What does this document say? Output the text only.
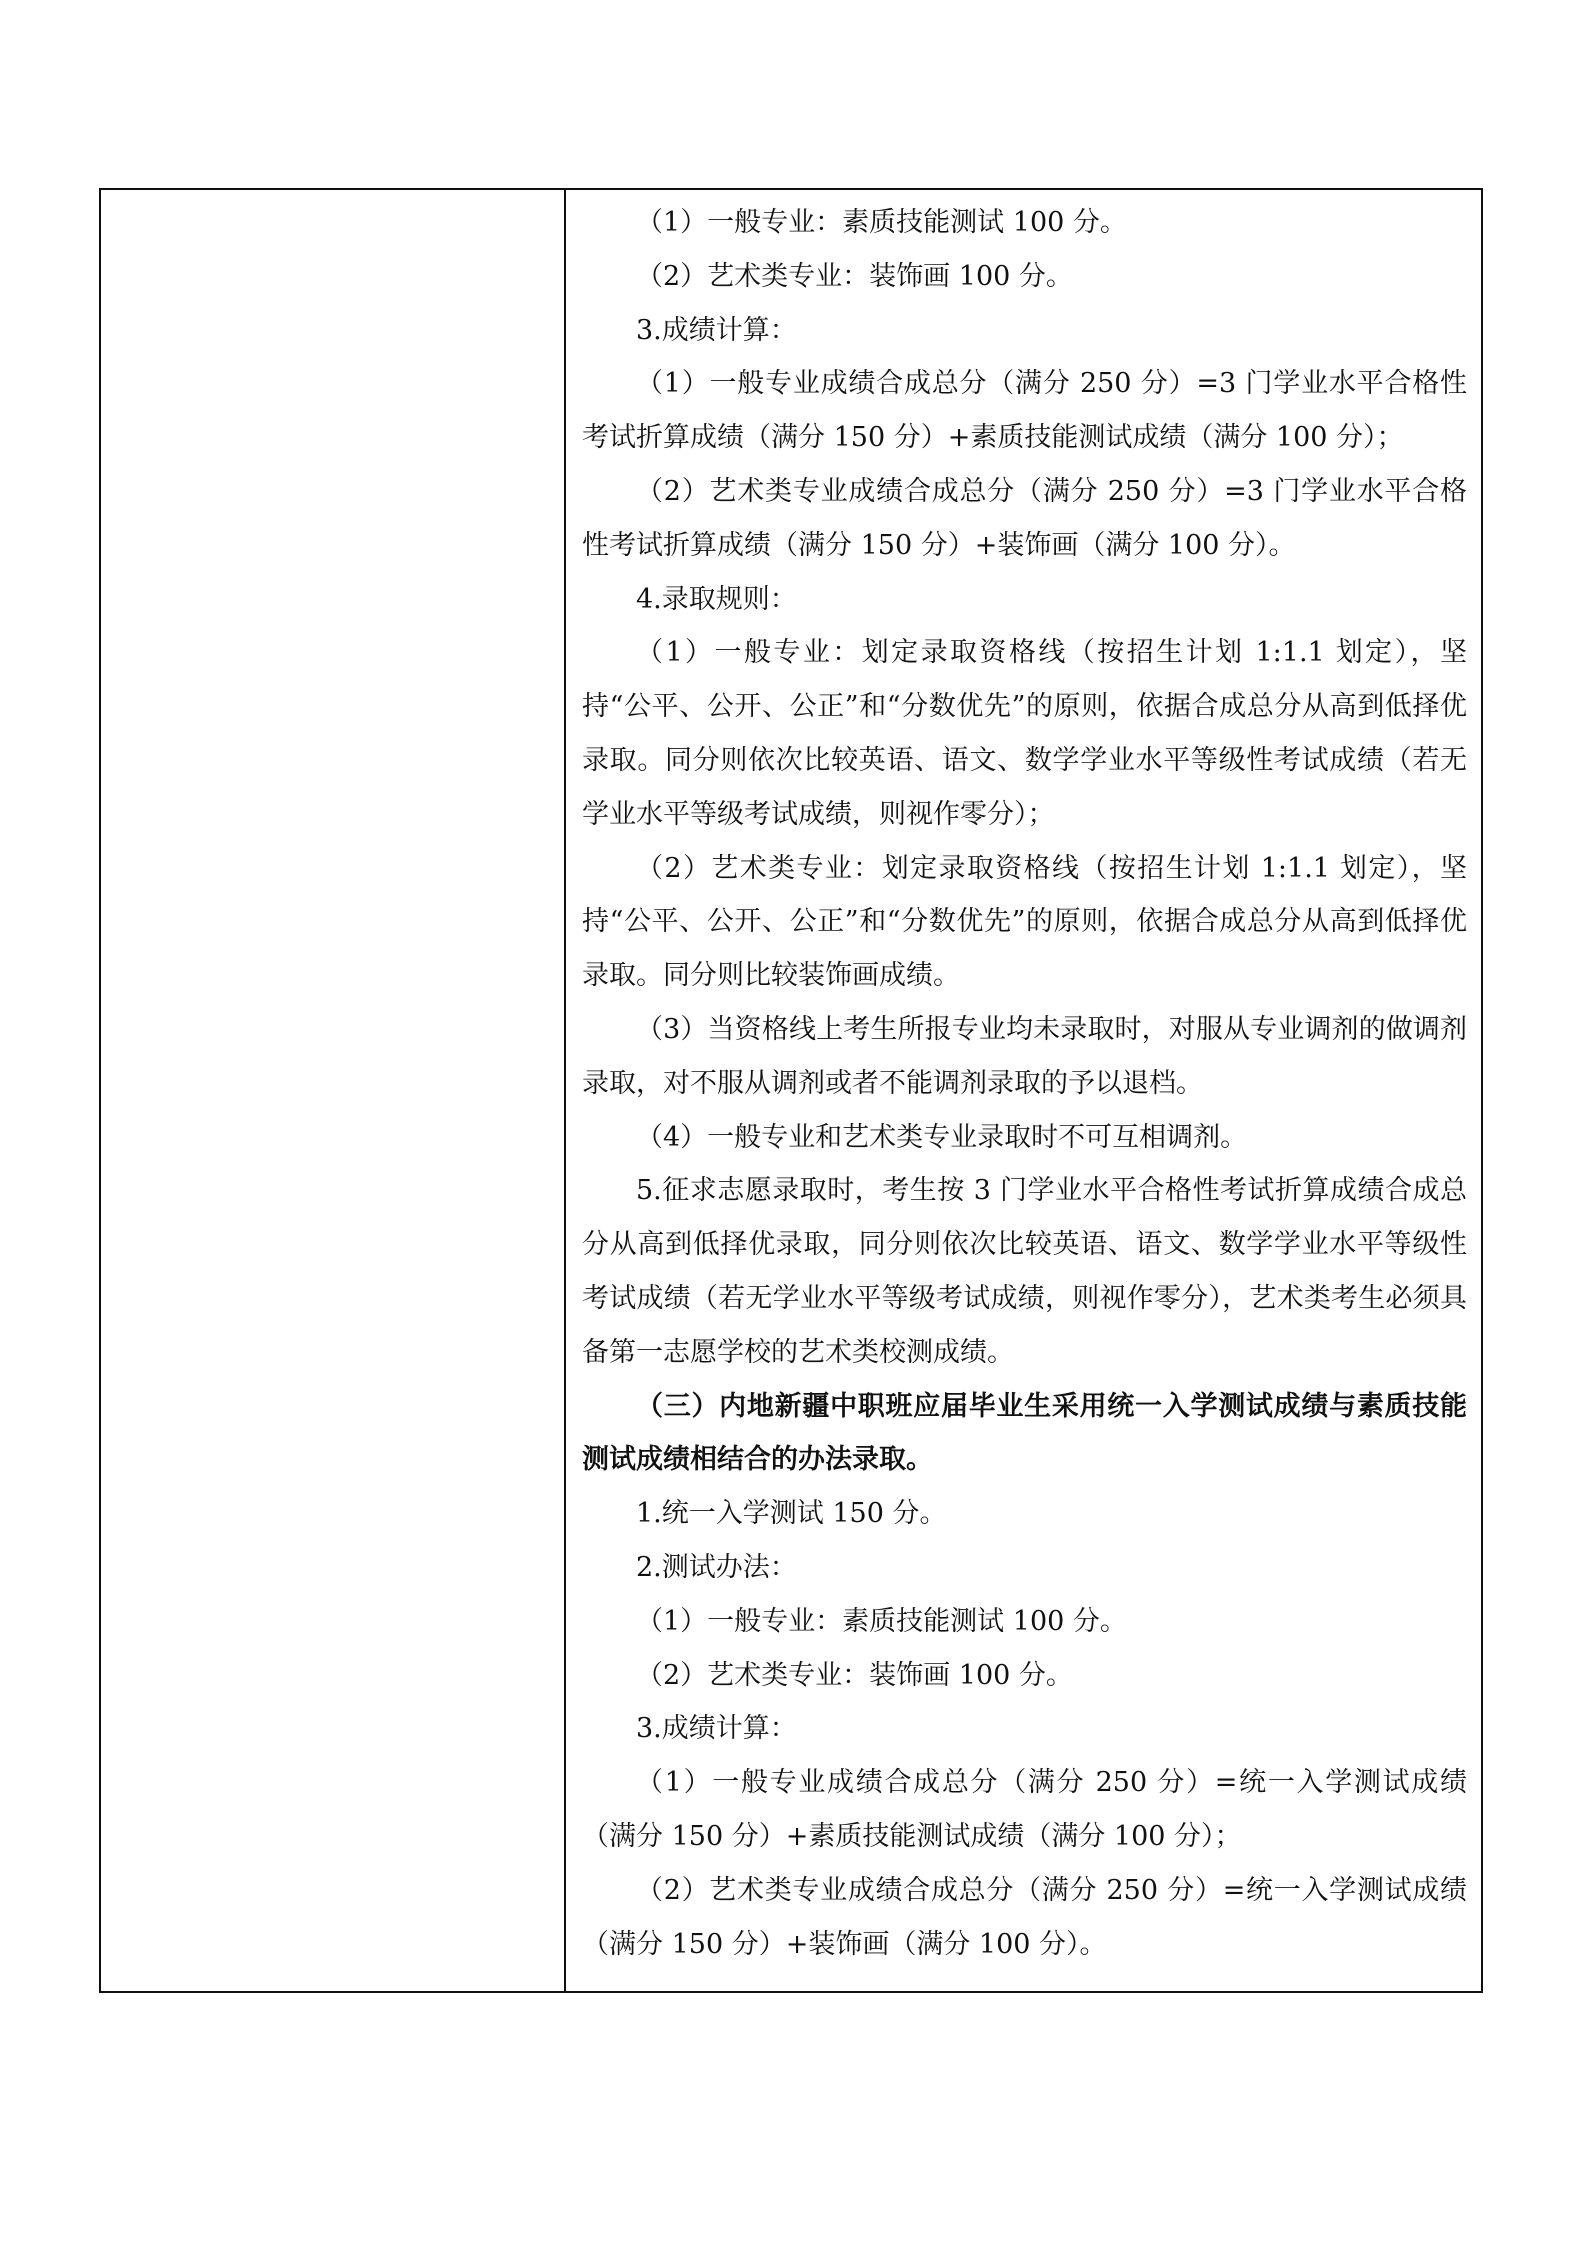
（1）一般专业：素质技能测试 100 分。

（2）艺术类专业：装饰画 100 分。

3.成绩计算：

（1）一般专业成绩合成总分（满分 250 分）=3 门学业水平合格性考试折算成绩（满分 150 分）+素质技能测试成绩（满分 100 分）；

（2）艺术类专业成绩合成总分（满分 250 分）=3 门学业水平合格性考试折算成绩（满分 150 分）+装饰画（满分 100 分）。

4.录取规则：

（1）一般专业：划定录取资格线（按招生计划 1:1.1 划定），坚持“公平、公开、公正”和“分数优先”的原则，依据合成总分从高到低择优录取。同分则依次比较英语、语文、数学学业水平等级性考试成绩（若无学业水平等级考试成绩，则视作零分）；

（2）艺术类专业：划定录取资格线（按招生计划 1:1.1 划定），坚持“公平、公开、公正”和“分数优先”的原则，依据合成总分从高到低择优录取。同分则比较装饰画成绩。

（3）当资格线上考生所报专业均未录取时，对服从专业调剂的做调剂录取，对不服从调剂或者不能调剂录取的予以退档。

（4）一般专业和艺术类专业录取时不可互相调剂。

5.征求志愿录取时，考生按 3 门学业水平合格性考试折算成绩合成总分从高到低择优录取，同分则依次比较英语、语文、数学学业水平等级性考试成绩（若无学业水平等级考试成绩，则视作零分），艺术类考生必须具备第一志愿学校的艺术类校测成绩。

（三）内地新疆中职班应届毕业生采用统一入学测试成绩与素质技能测试成绩相结合的办法录取。

1.统一入学测试 150 分。

2.测试办法：

（1）一般专业：素质技能测试 100 分。

（2）艺术类专业：装饰画 100 分。

3.成绩计算：

（1）一般专业成绩合成总分（满分 250 分）=统一入学测试成绩（满分 150 分）+素质技能测试成绩（满分 100 分）；

（2）艺术类专业成绩合成总分（满分 250 分）=统一入学测试成绩（满分 150 分）+装饰画（满分 100 分）。
